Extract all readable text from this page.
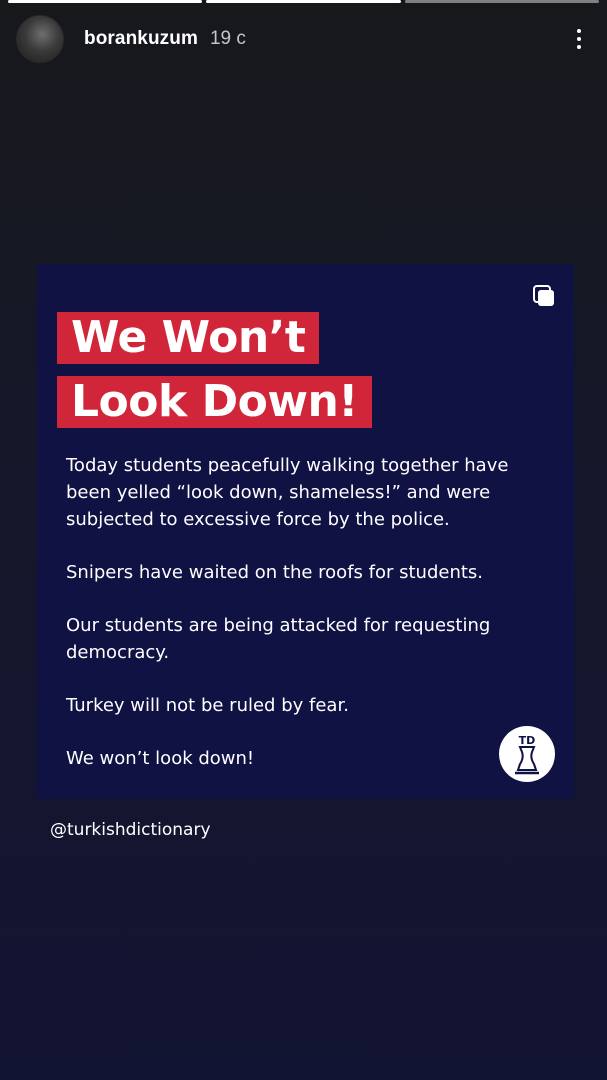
borankuzum 19 с
We Won’t
Look Down!

Today students peacefully walking together have been yelled “look down, shameless!” and were subjected to excessive force by the police.

Snipers have waited on the roofs for students.

Our students are being attacked for requesting democracy.

Turkey will not be ruled by fear.

We won’t look down!

TD
@turkishdictionary
